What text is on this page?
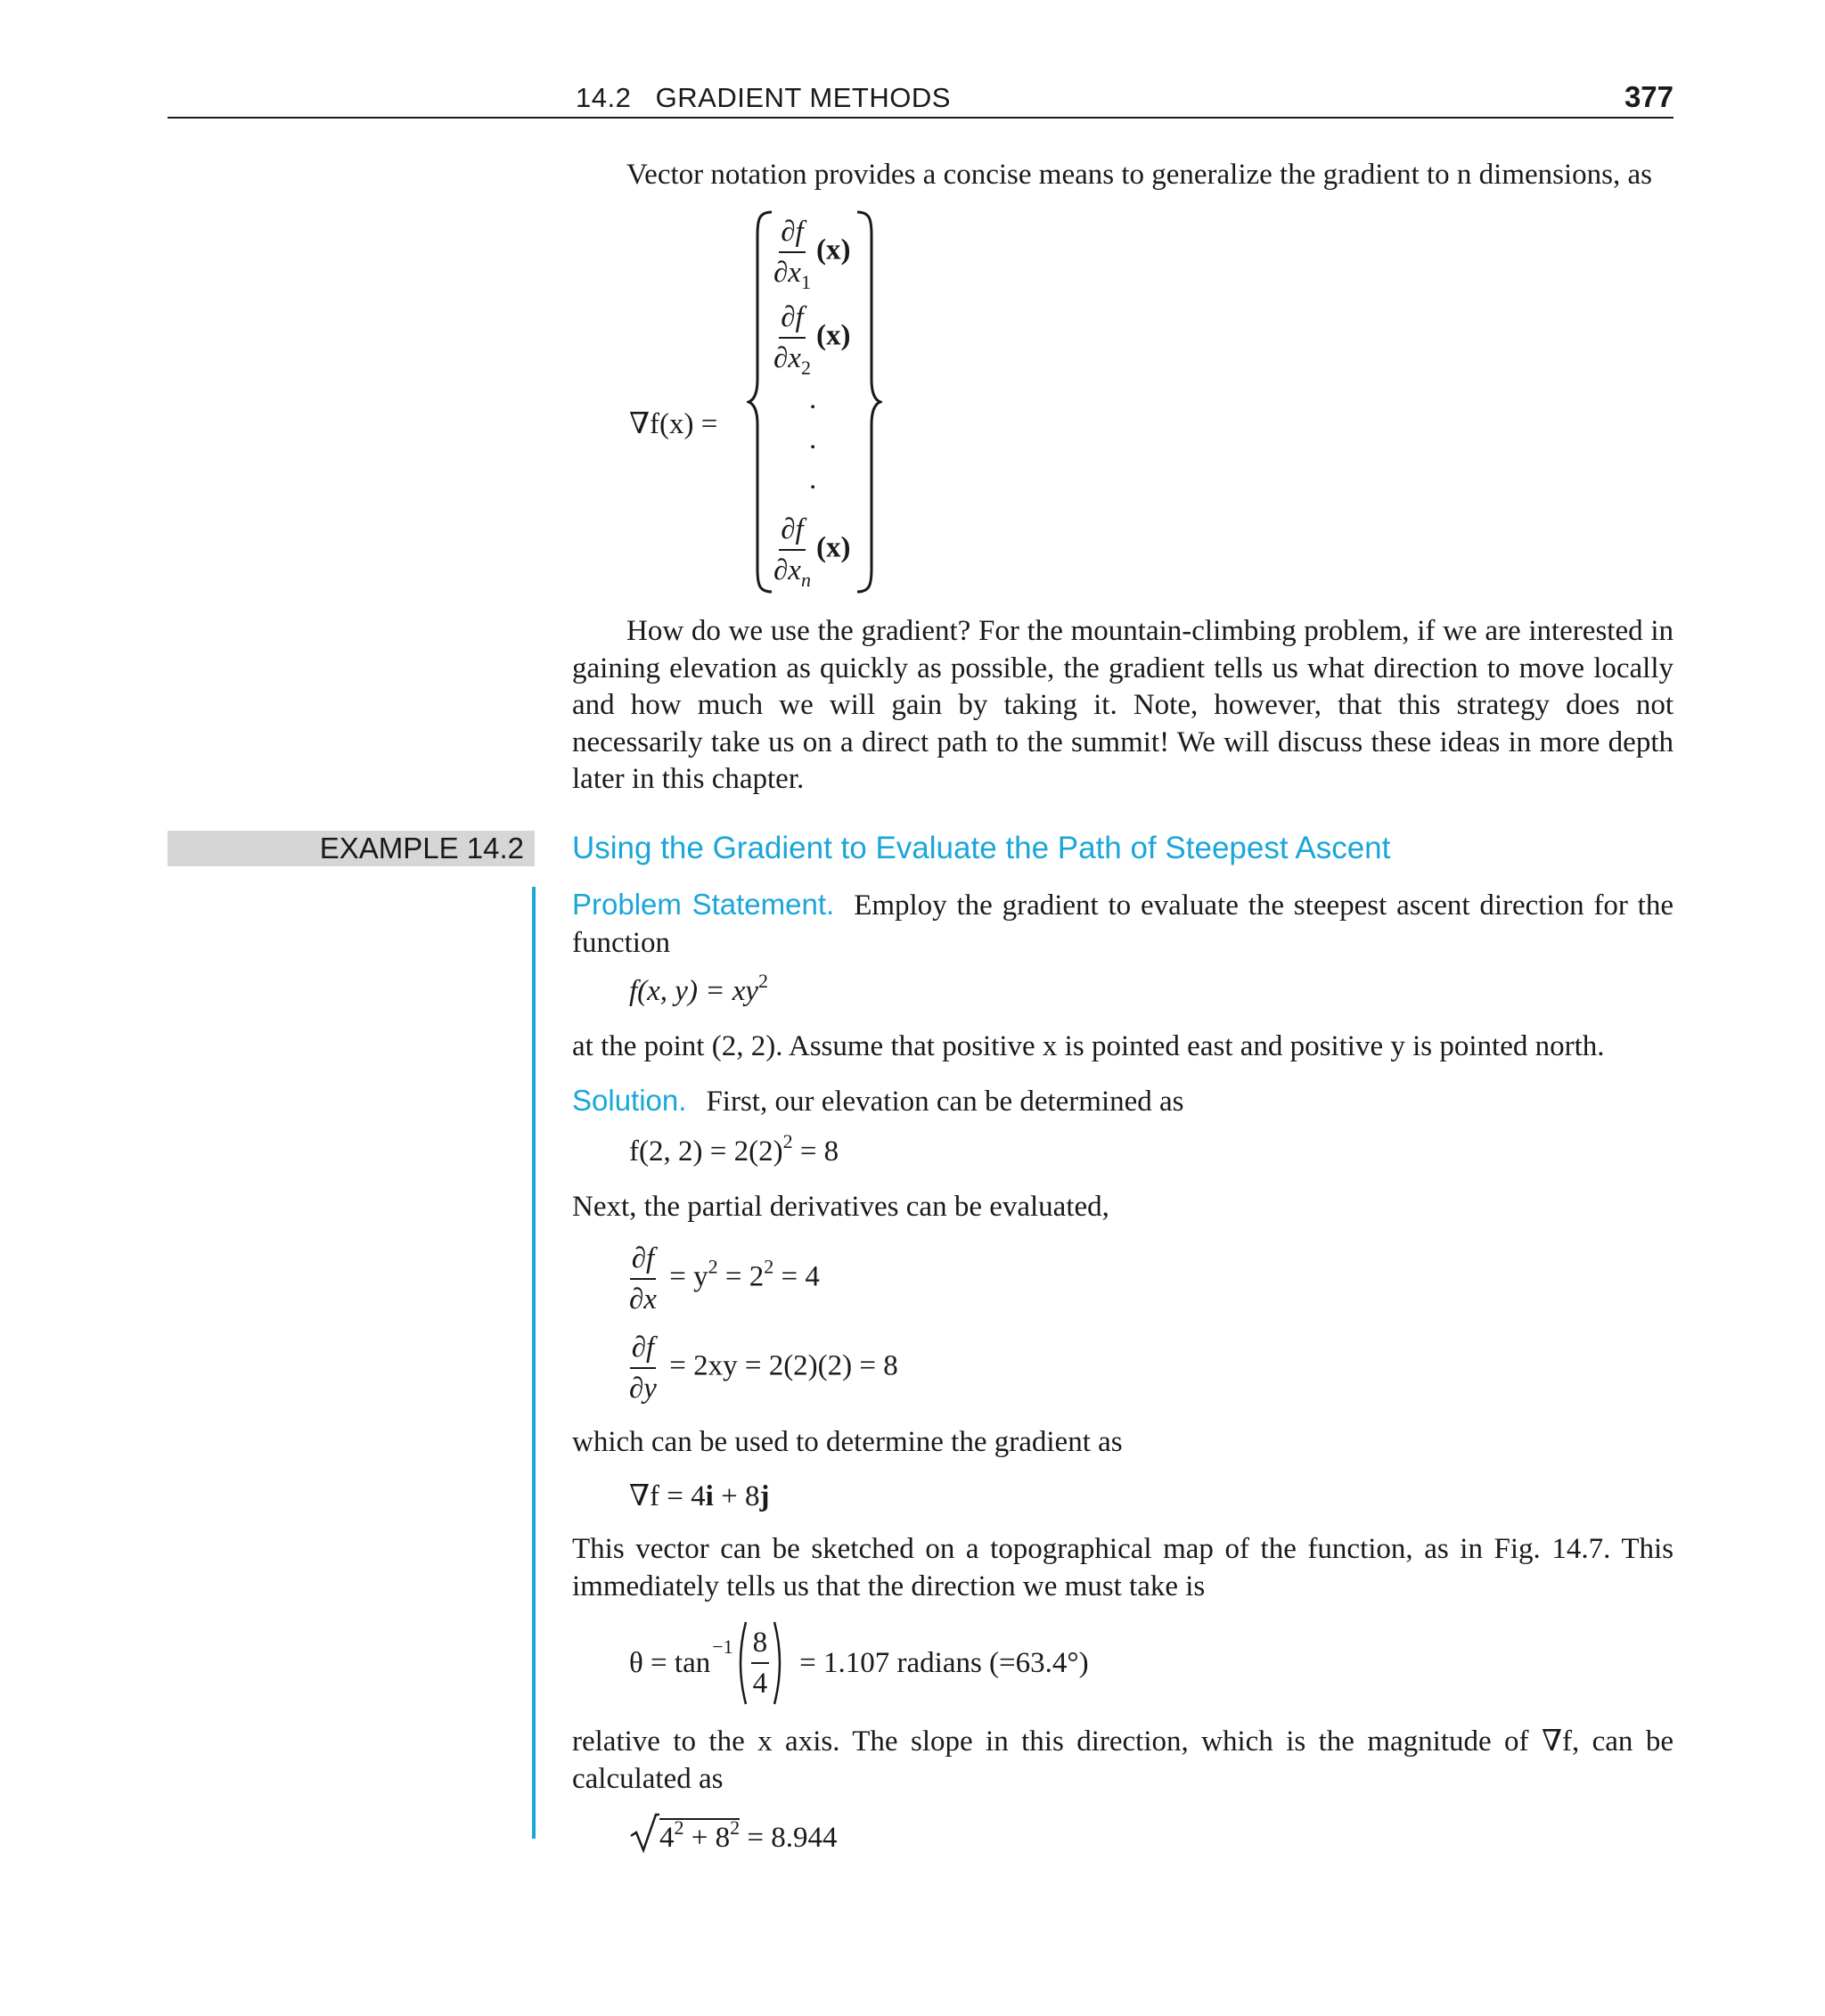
14.2   GRADIENT METHODS	377
Vector notation provides a concise means to generalize the gradient to n dimensions, as
∇f(x) =
$\frac{\partial f}{\partial x_1} (x)$
$\frac{\partial f}{\partial x_2} (x)$
.
.
.
$\frac{\partial f}{\partial x_n} (x)$
How do we use the gradient? For the mountain-climbing problem, if we are interested in gaining elevation as quickly as possible, the gradient tells us what direction to move locally and how much we will gain by taking it. Note, however, that this strategy does not necessarily take us on a direct path to the summit! We will discuss these ideas in more depth later in this chapter.
EXAMPLE 14.2 Using the Gradient to Evaluate the Path of Steepest Ascent
Problem Statement. Employ the gradient to evaluate the steepest ascent direction for the function
f(x, $y) = xy^2$
at the point (2, 2). Assume that positive x is pointed east and positive y is pointed north.
Solution. First, our elevation can be determined as
f(2, $2) = 2(2)^2 = 8$
Next, the partial derivatives can be evaluated,
$\frac{\partial f}{\partial x} = y^2 = 2^2 = 4$
$\frac{\partial f}{\partial y} = 2xy = 2(2)(2) = 8$
which can be used to determine the gradient as
∇f = 4i + 8j
This vector can be sketched on a topographical map of the function, as in Fig. 14.7. This immediately tells us that the direction we must take is
$\theta = \tan^{-1} \frac{8}{4} = 1.107$ radians (=63.4°)
relative to the x axis. The slope in this direction, which is the magnitude of ∇f, can be calculated as
$4^2 + 8^2 = 8.944$
